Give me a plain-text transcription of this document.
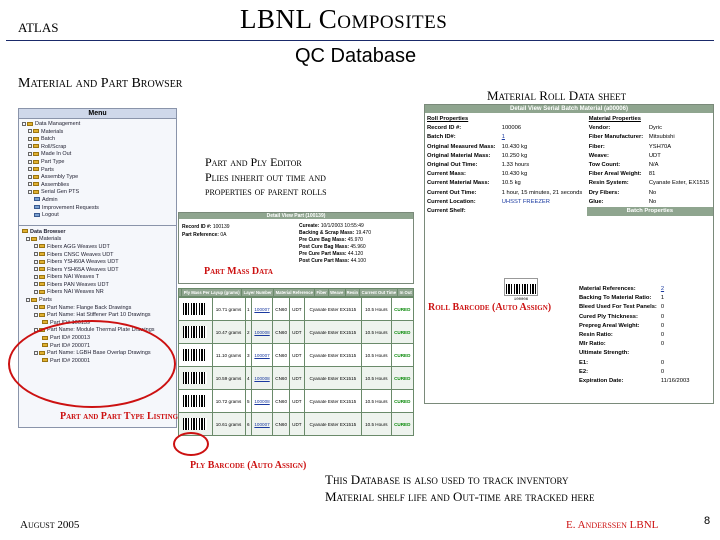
ATLAS	LBNL Composites
QC Database
Material and Part Browser
Material Roll Data sheet
Menu
Data Management
Materials
Batch
Roll/Scrap
Made In Out
Part Type
Parts
Assembly Type
Assemblies
Serial Gen PTS
Admin
Improvement Requests
Logout
Data Browser
Materials
Fiberx AGG Weaves UDT
Fibers CNSC Weaves UDT
Fibers YSH60A Weaves UDT
Fibers YSH65A Weaves UDT
Fibers NAI Weaves T
Fibers PAN Weaves UDT
Fibers NAI Weaves NR
Parts
Part Name: Flange Back Drawings
Part Name: Hat Stiffener Part 10 Drawings
Part ID# 100139
Part Name: Module Thermal Plate Drawings
Part ID# 200013
Part ID# 200071
Part Name: LGBH Base Overlap Drawings
Part ID# 200001
Detail View Serial Batch Material (a00006)
Roll Properties		Material Properties	
Record ID #:	100006	Vendor:	Dyric
Batch ID#:	1	Fiber Manufacturer:	Mitsubishi
Original Measured Mass:	10.430 kg	Fiber:	YSH70A
Original Material Mass:	10.250 kg	Weave:	UDT
Original Out Time:	1.33 hours	Tow Count:	N/A
Current Mass:	10.430 kg	Fiber Areal Weight:	81
Current Material Mass:	10.5 kg	Resin System:	Cyanate Ester, EX1515
Current Out Time:	1 hour, 15 minutes, 21 seconds	Dry Fibers:	No
Current Location:	UHSST FREEZER	Glue:	No
Current Shelf:		Batch Properties	
100006
Material References:	2
Backing To Material Ratio:	1
Bleed Used For Test Panels:	0
Cured Ply Thickness:	0
Prepreg Areal Weight:	0
Resin Ratio:	0
Mlr Ratio:	0
Ultimate Strength:	
E1:	0
E2:	0
Expiration Date:	11/16/2003
Detail View Part (100139)
Record ID #: 100139
Part Reference: 0A
Cureate: 10/1/2003 10:55:49
Backing & Scrap Mass: 19.470
Pre Cure Bag Mass: 45.970
Post Cure Bag Mass: 45.960
Pre Cure Part Mass: 44.120
Post Cure Part Mass: 44.100
	Ply Mass Per Layup (grams)	Layer Number	Material Reference	Fiber	Weave	Resin	Current Out Time	In Out
	10.71 grams	1	100007	CN60	UDT	Cyanate Ester EX1515	10.5 Hours	CURED
	10.47 grams	2	100008	CN60	UDT	Cyanate Ester EX1515	10.5 Hours	CURED
	11.10 grams	3	100007	CN60	UDT	Cyanate Ester EX1515	10.5 Hours	CURED
	10.59 grams	4	100008	CN60	UDT	Cyanate Ester EX1515	10.5 Hours	CURED
	10.72 grams	5	100008	CN60	UDT	Cyanate Ester EX1515	10.5 Hours	CURED
	10.61 grams	6	100007	CN60	UDT	Cyanate Ester EX1515	10.5 Hours	CURED
Part and Ply Editor
Plies inherit out time and
properties of parent rolls
Part Mass Data
Roll Barcode (Auto Assign)
Part and Part Type Listing
Ply Barcode (Auto Assign)
This Database is also used to track inventory
Material shelf life and Out-time are tracked here
August 2005	E. Anderssen LBNL	8
